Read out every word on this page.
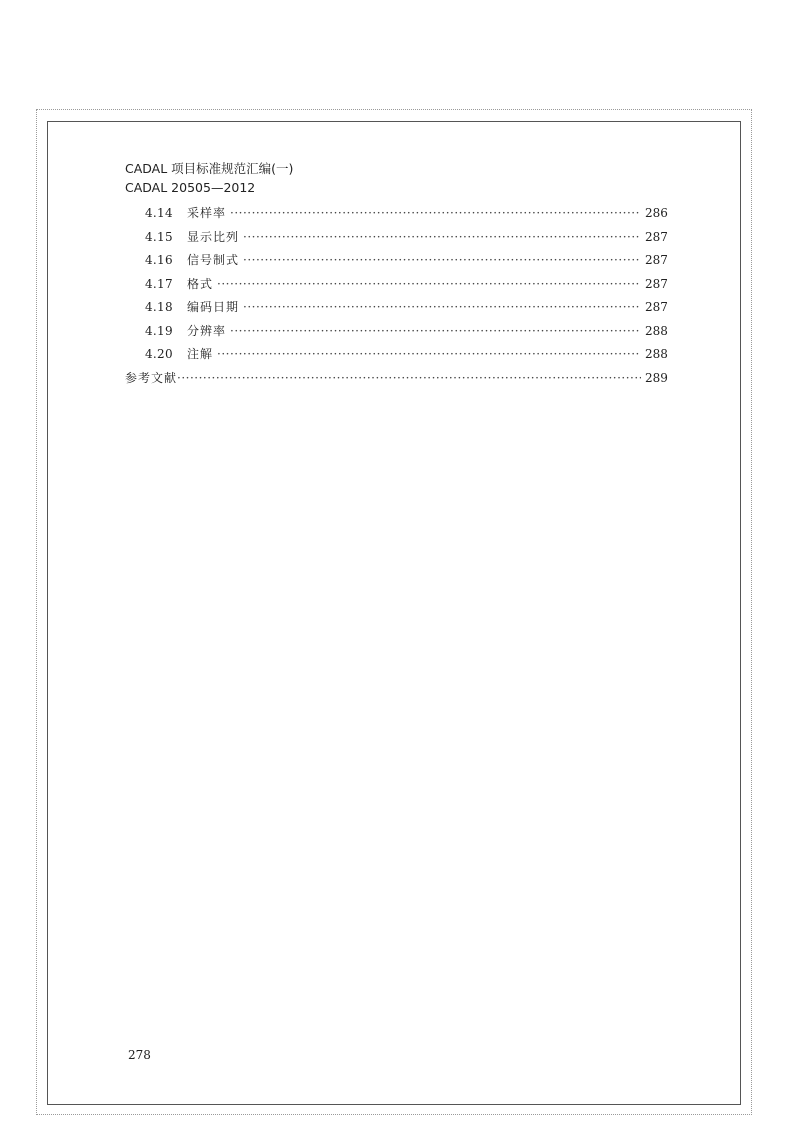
CADAL 项目标准规范汇编(一)
CADAL 20505—2012
4.14	采样率 ·····	286
4.15	显示比列 ·····	287
4.16	信号制式 ·····	287
4.17	格式 ·····	287
4.18	编码日期 ·····	287
4.19	分辨率 ·····	288
4.20	注解 ·····	288
参考文献 ·····	289
278
